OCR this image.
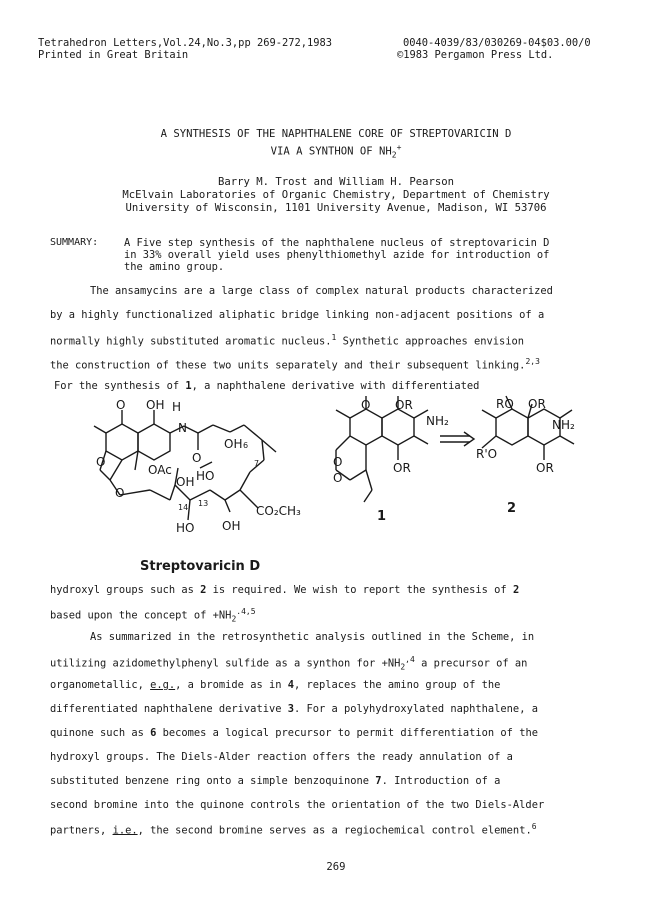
Tetrahedron Letters,Vol.24,No.3,pp 269-272,1983
Printed in Great Britain
0040-4039/83/030269-04$03.00/0
©1983 Pergamon Press Ltd.
A SYNTHESIS OF THE NAPHTHALENE CORE OF STREPTOVARICIN D
VIA A SYNTHON OF $NH_2^+$
Barry M. Trost and William H. Pearson
McElvain Laboratories of Organic Chemistry, Department of Chemistry
University of Wisconsin, 1101 University Avenue, Madison, WI 53706
SUMMARY: A Five step synthesis of the naphthalene nucleus of streptovaricin D
in 33% overall yield uses phenylthiomethyl azide for introduction of
the amino group.
The ansamycins are a large class of complex natural products characterized
by a highly functionalized aliphatic bridge linking non-adjacent positions of a
normally highly substituted aromatic nucleus.$^1$ Synthetic approaches envision
the construction of these two units separately and their subsequent linking.$^{2,3}$
For the synthesis of 1, a naphthalene derivative with differentiated
O OH H
N
O
OH 6
7
O
O
OAc HO
OH
13
14	CO₂CH₃
HO OH
Streptovaricin D
O OR
NH₂
O
O
OR
1
RO OR
NH₂
R'O
OR
2
hydroxyl groups such as 2 is required. We wish to report the synthesis of 2
based upon the concept of $+NH_2^{.4,5}$
As summarized in the retrosynthetic analysis outlined in the Scheme, in
utilizing azidomethylphenyl sulfide as a synthon for $+NH_2^{,4}$ a precursor of an
organometallic, e.g., a bromide as in 4, replaces the amino group of the
differentiated naphthalene derivative 3. For a polyhydroxylated naphthalene, a
quinone such as 6 becomes a logical precursor to permit differentiation of the
hydroxyl groups. The Diels-Alder reaction offers the ready annulation of a
substituted benzene ring onto a simple benzoquinone 7. Introduction of a
second bromine into the quinone controls the orientation of the two Diels-Alder
partners, i.e., the second bromine serves as a regiochemical control element.$^6$
269
